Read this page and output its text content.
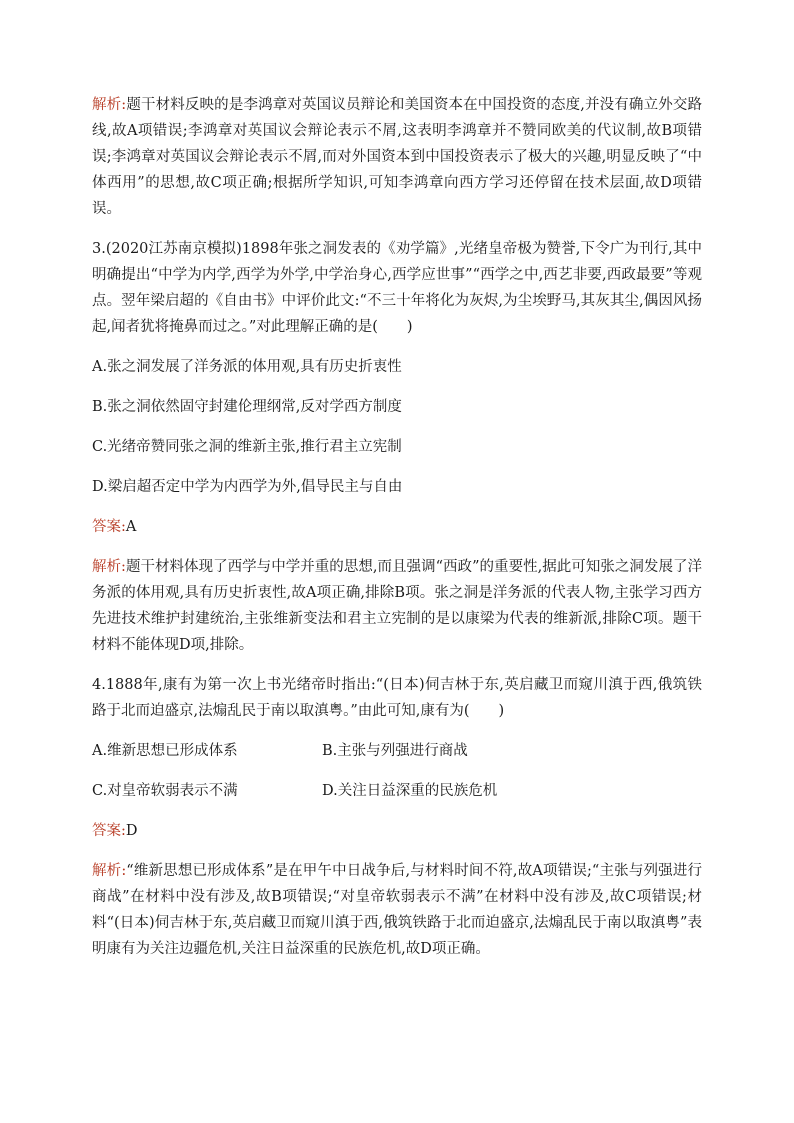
解析:题干材料反映的是李鸿章对英国议员辩论和美国资本在中国投资的态度,并没有确立外交路线,故A项错误;李鸿章对英国议会辩论表示不屑,这表明李鸿章并不赞同欧美的代议制,故B项错误;李鸿章对英国议会辩论表示不屑,而对外国资本到中国投资表示了极大的兴趣,明显反映了“中体西用”的思想,故C项正确;根据所学知识,可知李鸿章向西方学习还停留在技术层面,故D项错误。

3.(2020江苏南京模拟)1898年张之洞发表的《劝学篇》,光绪皇帝极为赞誉,下令广为刊行,其中明确提出“中学为内学,西学为外学,中学治身心,西学应世事”“西学之中,西艺非要,西政最要”等观点。翌年梁启超的《自由书》中评价此文:“不三十年将化为灰烬,为尘埃野马,其灰其尘,偶因风扬起,闻者犹将掩鼻而过之。”对此理解正确的是(　　)

A.张之洞发展了洋务派的体用观,具有历史折衷性

B.张之洞依然固守封建伦理纲常,反对学西方制度

C.光绪帝赞同张之洞的维新主张,推行君主立宪制

D.梁启超否定中学为内西学为外,倡导民主与自由

答案:A

解析:题干材料体现了西学与中学并重的思想,而且强调“西政”的重要性,据此可知张之洞发展了洋务派的体用观,具有历史折衷性,故A项正确,排除B项。张之洞是洋务派的代表人物,主张学习西方先进技术维护封建统治,主张维新变法和君主立宪制的是以康梁为代表的维新派,排除C项。题干材料不能体现D项,排除。

4.1888年,康有为第一次上书光绪帝时指出:“(日本)伺吉林于东,英启藏卫而窥川滇于西,俄筑铁路于北而迫盛京,法煽乱民于南以取滇粤。”由此可知,康有为(　　)

A.维新思想已形成体系	B.主张与列强进行商战
C.对皇帝软弱表示不满	D.关注日益深重的民族危机

答案:D

解析:“维新思想已形成体系”是在甲午中日战争后,与材料时间不符,故A项错误;“主张与列强进行商战”在材料中没有涉及,故B项错误;“对皇帝软弱表示不满”在材料中没有涉及,故C项错误;材料“(日本)伺吉林于东,英启藏卫而窥川滇于西,俄筑铁路于北而迫盛京,法煽乱民于南以取滇粤”表明康有为关注边疆危机,关注日益深重的民族危机,故D项正确。
